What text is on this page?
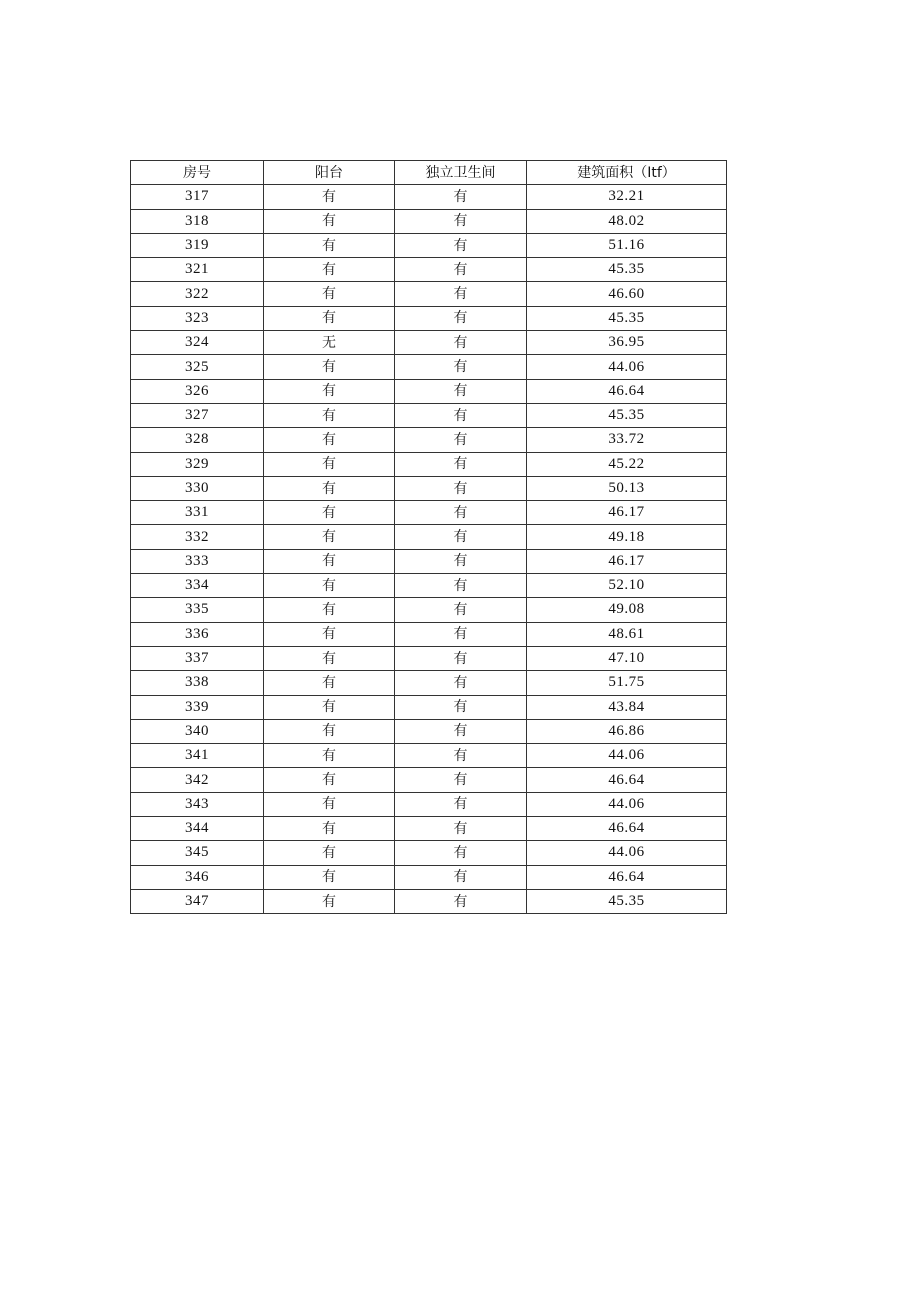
房号	阳台	独立卫生间	建筑面积（Itf）
317	有	有	32.21
318	有	有	48.02
319	有	有	51.16
321	有	有	45.35
322	有	有	46.60
323	有	有	45.35
324	无	有	36.95
325	有	有	44.06
326	有	有	46.64
327	有	有	45.35
328	有	有	33.72
329	有	有	45.22
330	有	有	50.13
331	有	有	46.17
332	有	有	49.18
333	有	有	46.17
334	有	有	52.10
335	有	有	49.08
336	有	有	48.61
337	有	有	47.10
338	有	有	51.75
339	有	有	43.84
340	有	有	46.86
341	有	有	44.06
342	有	有	46.64
343	有	有	44.06
344	有	有	46.64
345	有	有	44.06
346	有	有	46.64
347	有	有	45.35
